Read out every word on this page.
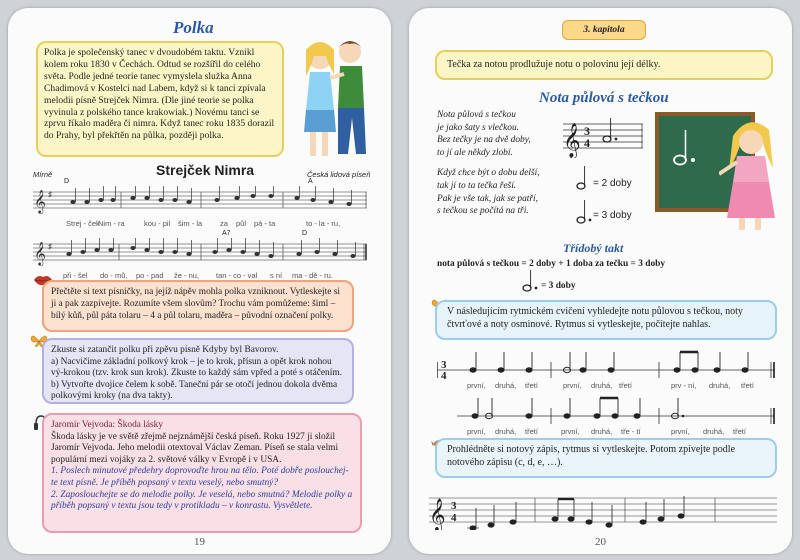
Polka
Polka je společenský tanec v dvoudobém taktu. Vznikl kolem roku 1830 v Čechách. Odtud se rozšířil do celého světa. Podle jedné teorie tanec vymyslela služka Anna Chadimová v Kostelci nad Labem, když si k tanci zpívala melodii písně Strejček Nimra. (Dle jiné teorie se polka vyvinula z polského tance krakowiak.) Novému tanci se zprvu říkalo maděra či nimra. Když tanec roku 1835 dorazil do Prahy, byl překřtěn na půlka, později polka.
Mírně	Strejček Nimra	Česká lidová píseň
D	A
𝄞 ♯
Strej - ček
Nim - ra	kou - pil šim - la za půl pá - ta	to - la - ru,
A7	D
𝄞 ♯
při - šel do - mů, po - pad že - nu, tan - co - val s ní ma - dě - ru.
Přečtěte si text písničky, na jejíž nápěv mohla polka vzniknout. Vytleskejte si ji a pak zazpívejte. Rozumíte všem slovům? Trochu vám pomůžeme: šiml – bílý kůň, půl páta tolaru – 4 a půl tolaru, maděra – původní označení polky.
Zkuste si zatančit polku při zpěvu písně Kdyby byl Bavorov.
a) Nacvičíme základní polkový krok – je to krok, přísun a opět krok nohou vý-krokou (tzv. krok sun krok). Zkuste to každý sám vpřed a poté s otáčením.
b) Vytvořte dvojice čelem k sobě. Taneční pár se otočí jednou dokola dvěma polkovými kroky (na dva takty).
Jaromír Vejvoda: Škoda lásky
Škoda lásky je ve světě zřejmě nejznámější česká píseň. Roku 1927 ji složil Jaromír Vejvoda. Jeho melodii otextoval Václav Zeman. Píseň se stala velmi populární mezi vojáky za 2. světové války v Evropě i v USA.
1. Poslech minutové předehry doprovoďte hrou na tělo. Poté dobře poslouchej-te text písně. Je příběh popsaný v textu veselý, nebo smutný?
2. Zaposlouchejte se do melodie polky. Je veselá, nebo smutná? Melodie polky a příběh popsaný v textu jsou tedy v protikladu – v konrastu. Vysvětlete.
19
3. kapitola
Tečka za notou prodlužuje notu o polovinu její délky.
Nota půlová s tečkou
Nota půlová s tečkou
je jako šaty s vlečkou.
Bez tečky je na dvě doby,
to jí ale někdy zlobí.
Když chce být o dobu delší,
tak jí to ta tečka řeší.
Pak je vše tak, jak se patří,
s tečkou se počítá na tři.
𝄞 3
4
= 2 doby
= 3 doby
Třídobý takt
nota půlová s tečkou = 2 doby + 1 doba za tečku = 3 doby
= 3 doby
V následujícím rytmickém cvičení vyhledejte notu půlovou s tečkou, noty čtvrťové a noty osminové. Rytmus si vytleskejte, počítejte nahlas.
3
4
první, druhá, třetí	první, druhá, třetí	prv - ní, druhá, třetí
první, druhá, třetí	první, druhá, tře - tí	první, druhá, třetí
Prohlédněte si notový zápis, rytmus si vytleskejte. Potom zpívejte podle notového zápisu (c, d, e, …).
𝄞 3
4
20
